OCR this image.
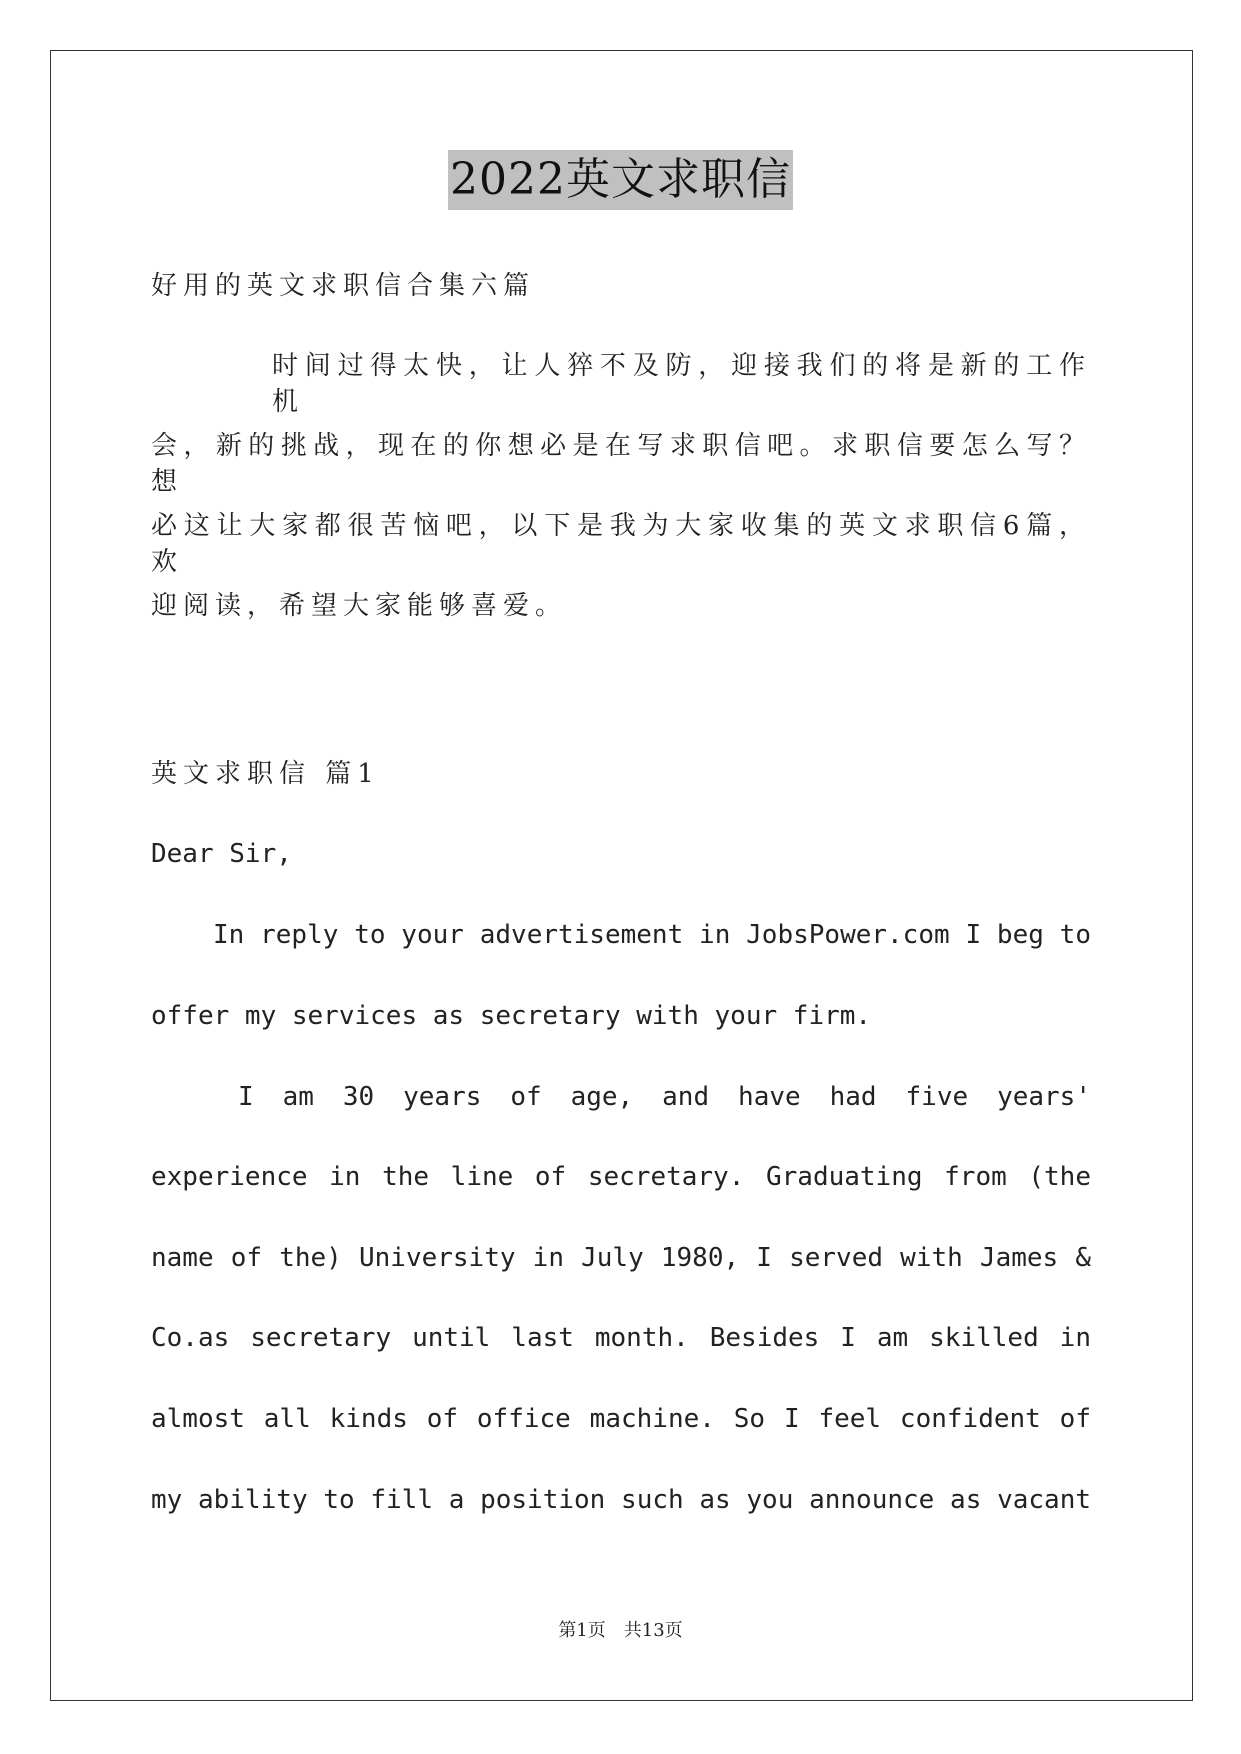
2022英文求职信
好用的英文求职信合集六篇
时间过得太快，让人猝不及防，迎接我们的将是新的工作机
会，新的挑战，现在的你想必是在写求职信吧。求职信要怎么写？想
必这让大家都很苦恼吧，以下是我为大家收集的英文求职信6篇，欢
迎阅读，希望大家能够喜爱。
英文求职信 篇1
Dear Sir,
In reply to your advertisement in JobsPower.com I beg to
offer my services as secretary with your firm.
I am 30 years of age, and have had five years'
experience in the line of secretary. Graduating from (the
name of the) University in July 1980, I served with James &
Co.as secretary until last month. Besides I am skilled in
almost all kinds of office machine. So I feel confident of
my ability to fill a position such as you announce as vacant
第1页　共13页
